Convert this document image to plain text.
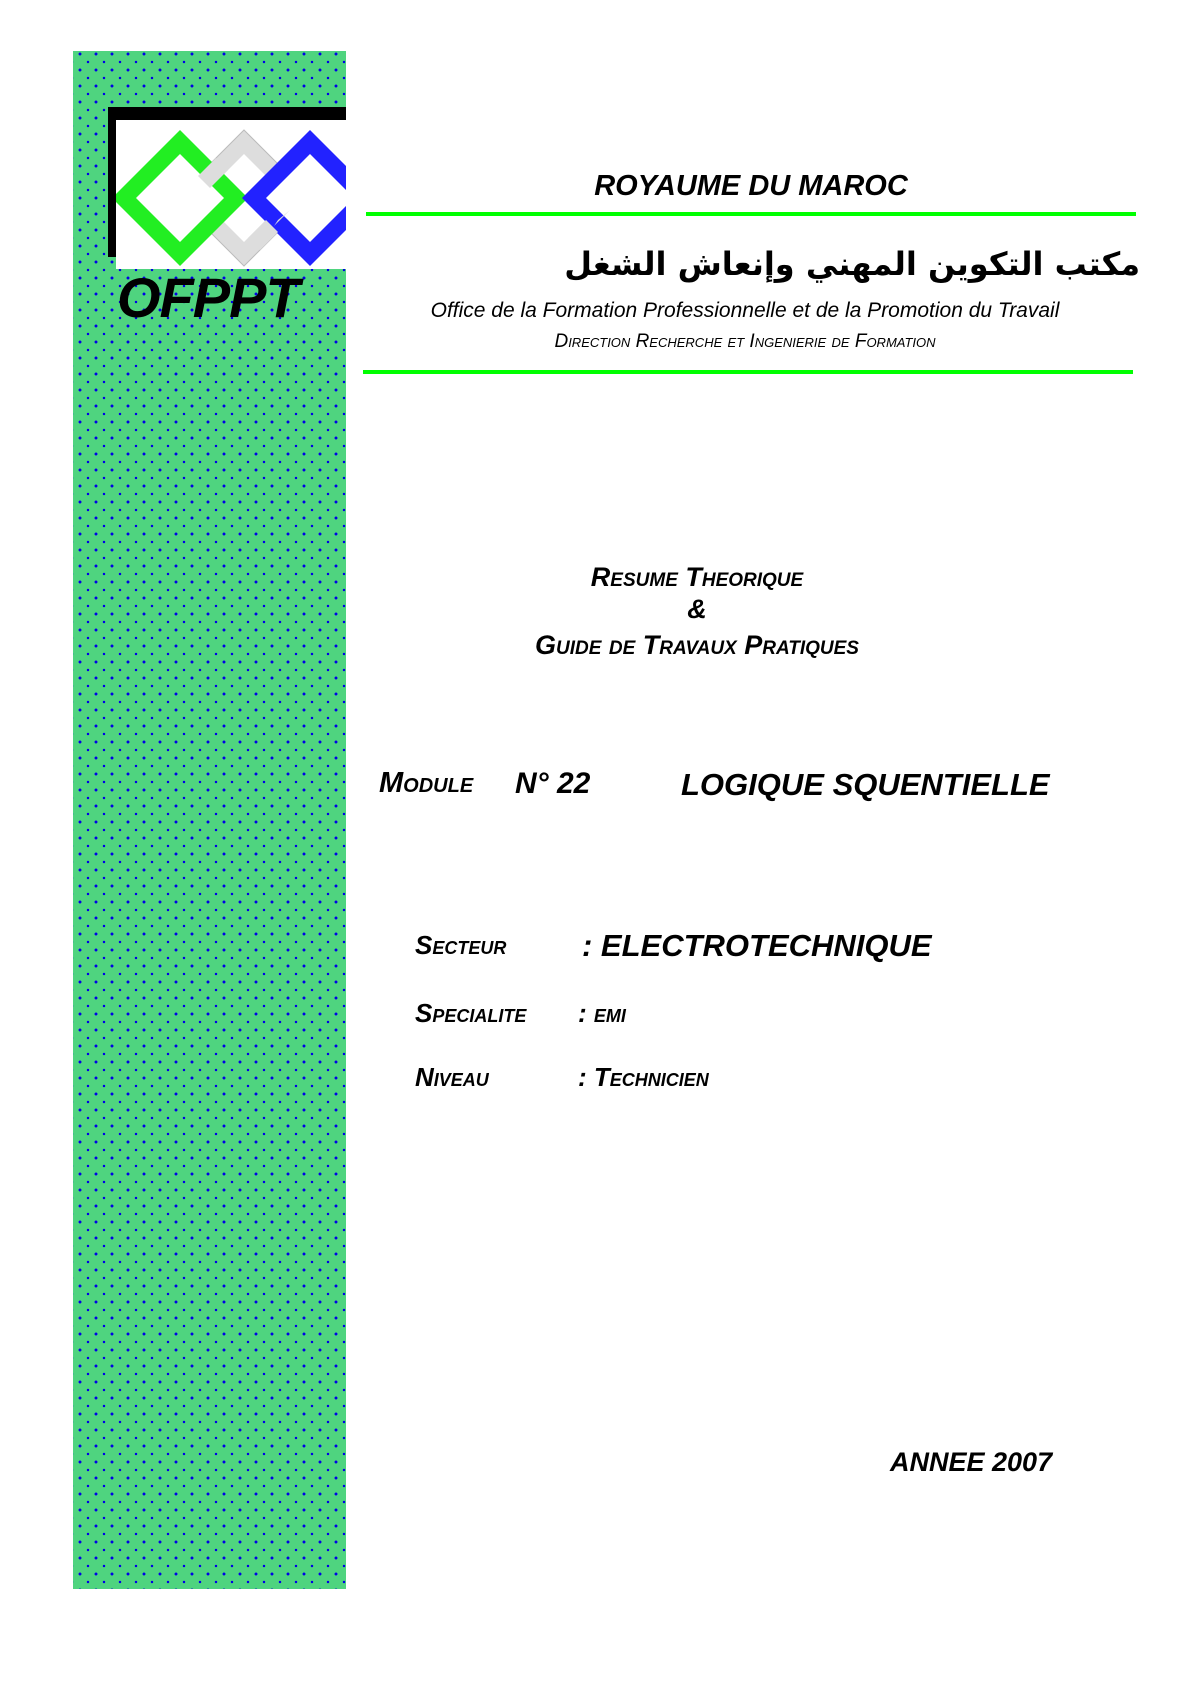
OFPPT
ROYAUME DU MAROC
مكتب التكوين المهني وإنعاش الشغل
Office de la Formation Professionnelle et de la Promotion du Travail
Direction Recherche et Ingenierie de Formation
Resume Theorique
&
Guide de Travaux Pratiques
Module N° 22	LOGIQUE SQUENTIELLE
Secteur : ELECTROTECHNIQUE
Specialite : emi
Niveau	: Technicien
ANNEE 2007
